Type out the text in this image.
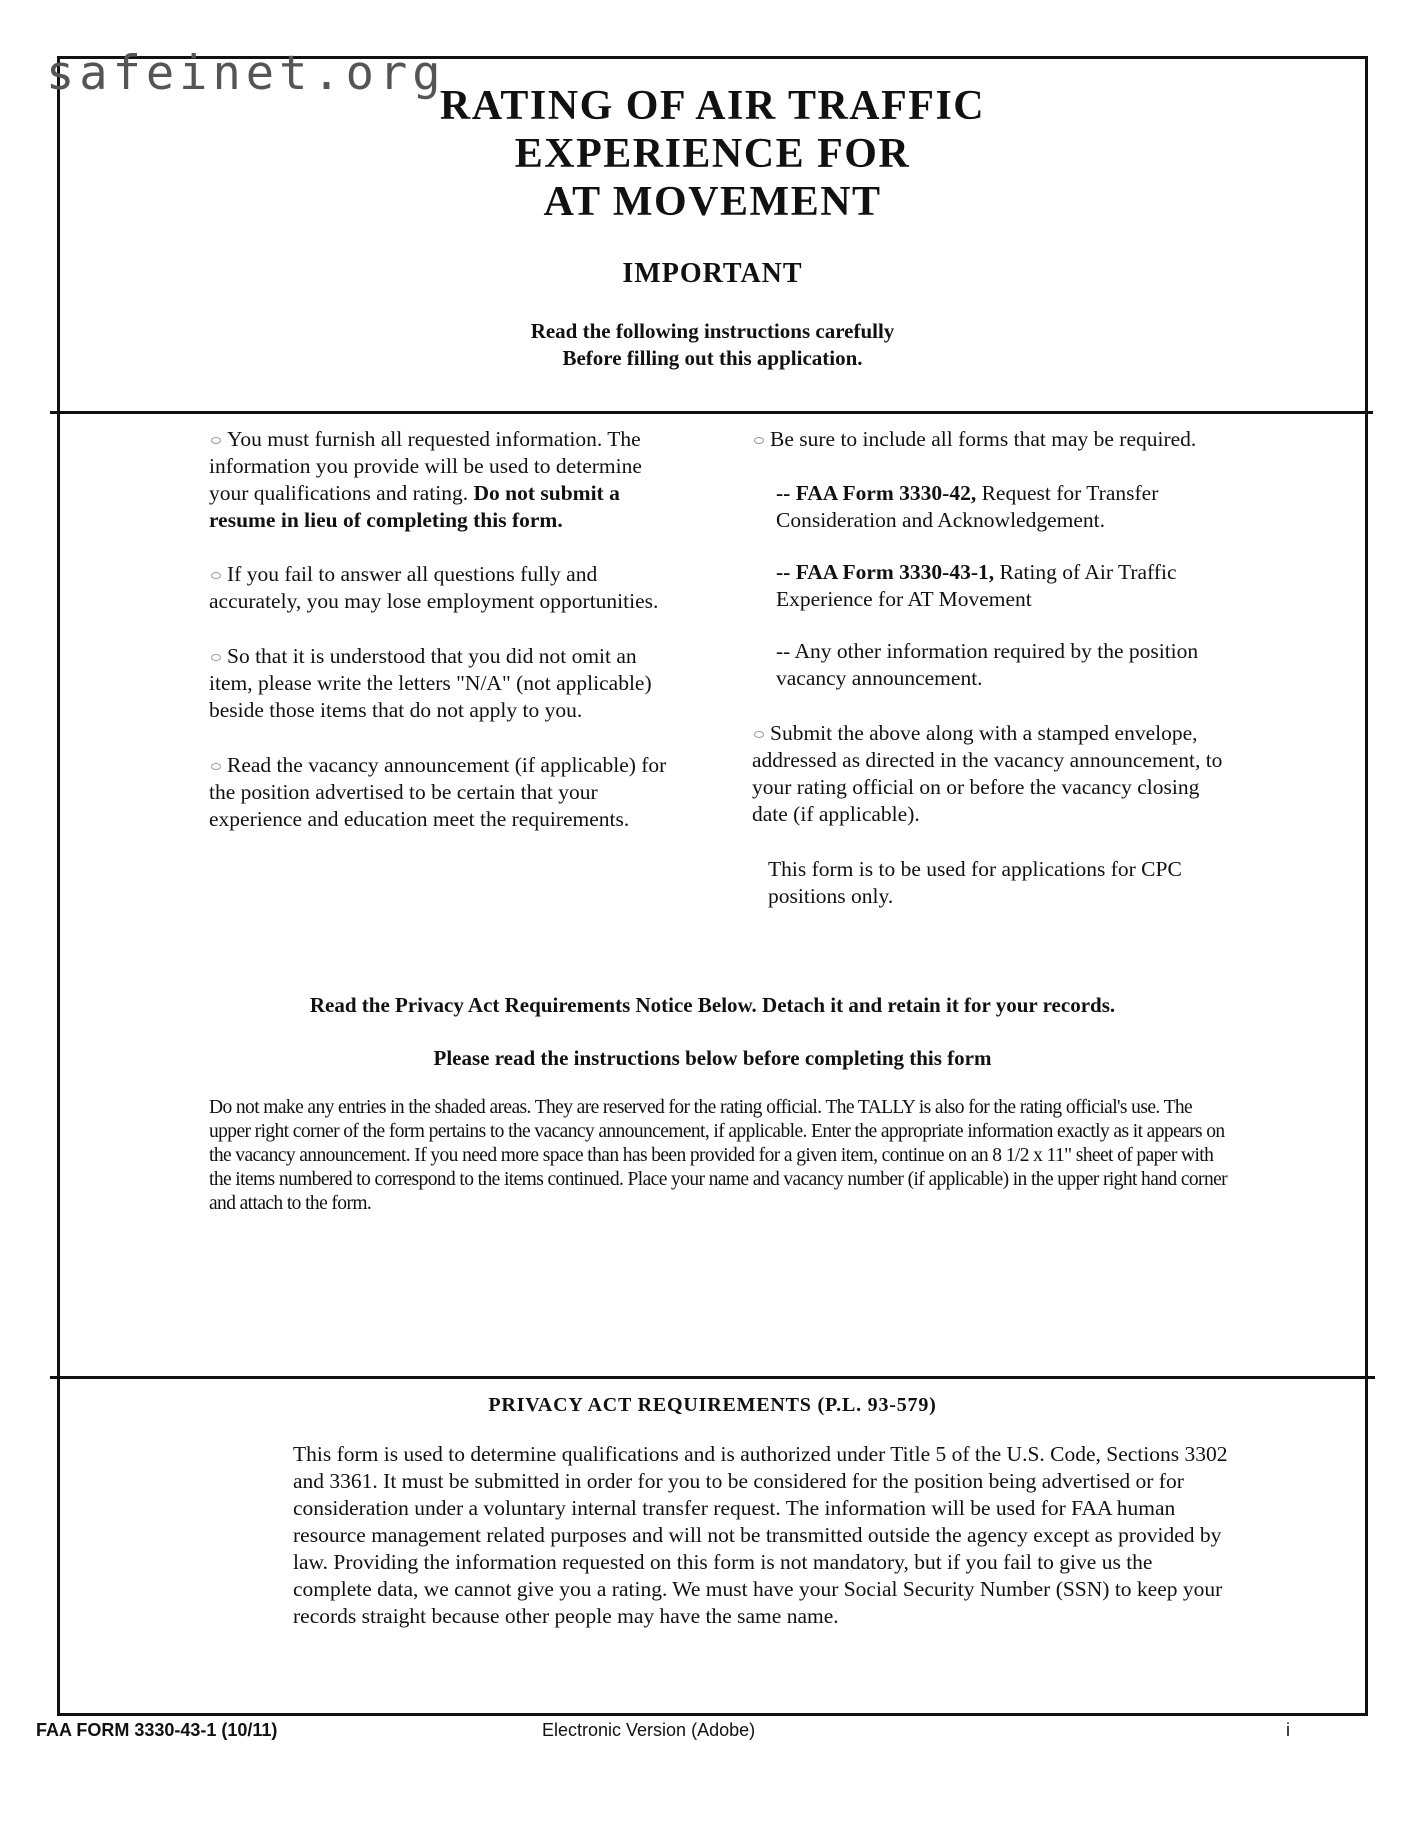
safeinet.org
RATING OF AIR TRAFFIC
EXPERIENCE FOR
AT MOVEMENT
IMPORTANT
Read the following instructions carefully
Before filling out this application.

You must furnish all requested information. The information you provide will be used to determine your qualifications and rating. Do not submit a resume in lieu of completing this form.

If you fail to answer all questions fully and accurately, you may lose employment opportunities.

So that it is understood that you did not omit an item, please write the letters "N/A" (not applicable) beside those items that do not apply to you.

Read the vacancy announcement (if applicable) for the position advertised to be certain that your experience and education meet the requirements.

Be sure to include all forms that may be required.

-- FAA Form 3330-42, Request for Transfer Consideration and Acknowledgement.

-- FAA Form 3330-43-1, Rating of Air Traffic Experience for AT Movement

-- Any other information required by the position vacancy announcement.

Submit the above along with a stamped envelope, addressed as directed in the vacancy announcement, to your rating official on or before the vacancy closing date (if applicable).

This form is to be used for applications for CPC positions only.

Read the Privacy Act Requirements Notice Below. Detach it and retain it for your records.
Please read the instructions below before completing this form
Do not make any entries in the shaded areas. They are reserved for the rating official. The TALLY is also for the rating official's use. The upper right corner of the form pertains to the vacancy announcement, if applicable. Enter the appropriate information exactly as it appears on the vacancy announcement. If you need more space than has been provided for a given item, continue on an 8 1/2 x 11" sheet of paper with the items numbered to correspond to the items continued. Place your name and vacancy number (if applicable) in the upper right hand corner and attach to the form.
PRIVACY ACT REQUIREMENTS (P.L. 93-579)
This form is used to determine qualifications and is authorized under Title 5 of the U.S. Code, Sections 3302 and 3361. It must be submitted in order for you to be considered for the position being advertised or for consideration under a voluntary internal transfer request. The information will be used for FAA human resource management related purposes and will not be transmitted outside the agency except as provided by law. Providing the information requested on this form is not mandatory, but if you fail to give us the complete data, we cannot give you a rating. We must have your Social Security Number (SSN) to keep your records straight because other people may have the same name.
FAA FORM 3330-43-1 (10/11)	Electronic Version (Adobe)	i
